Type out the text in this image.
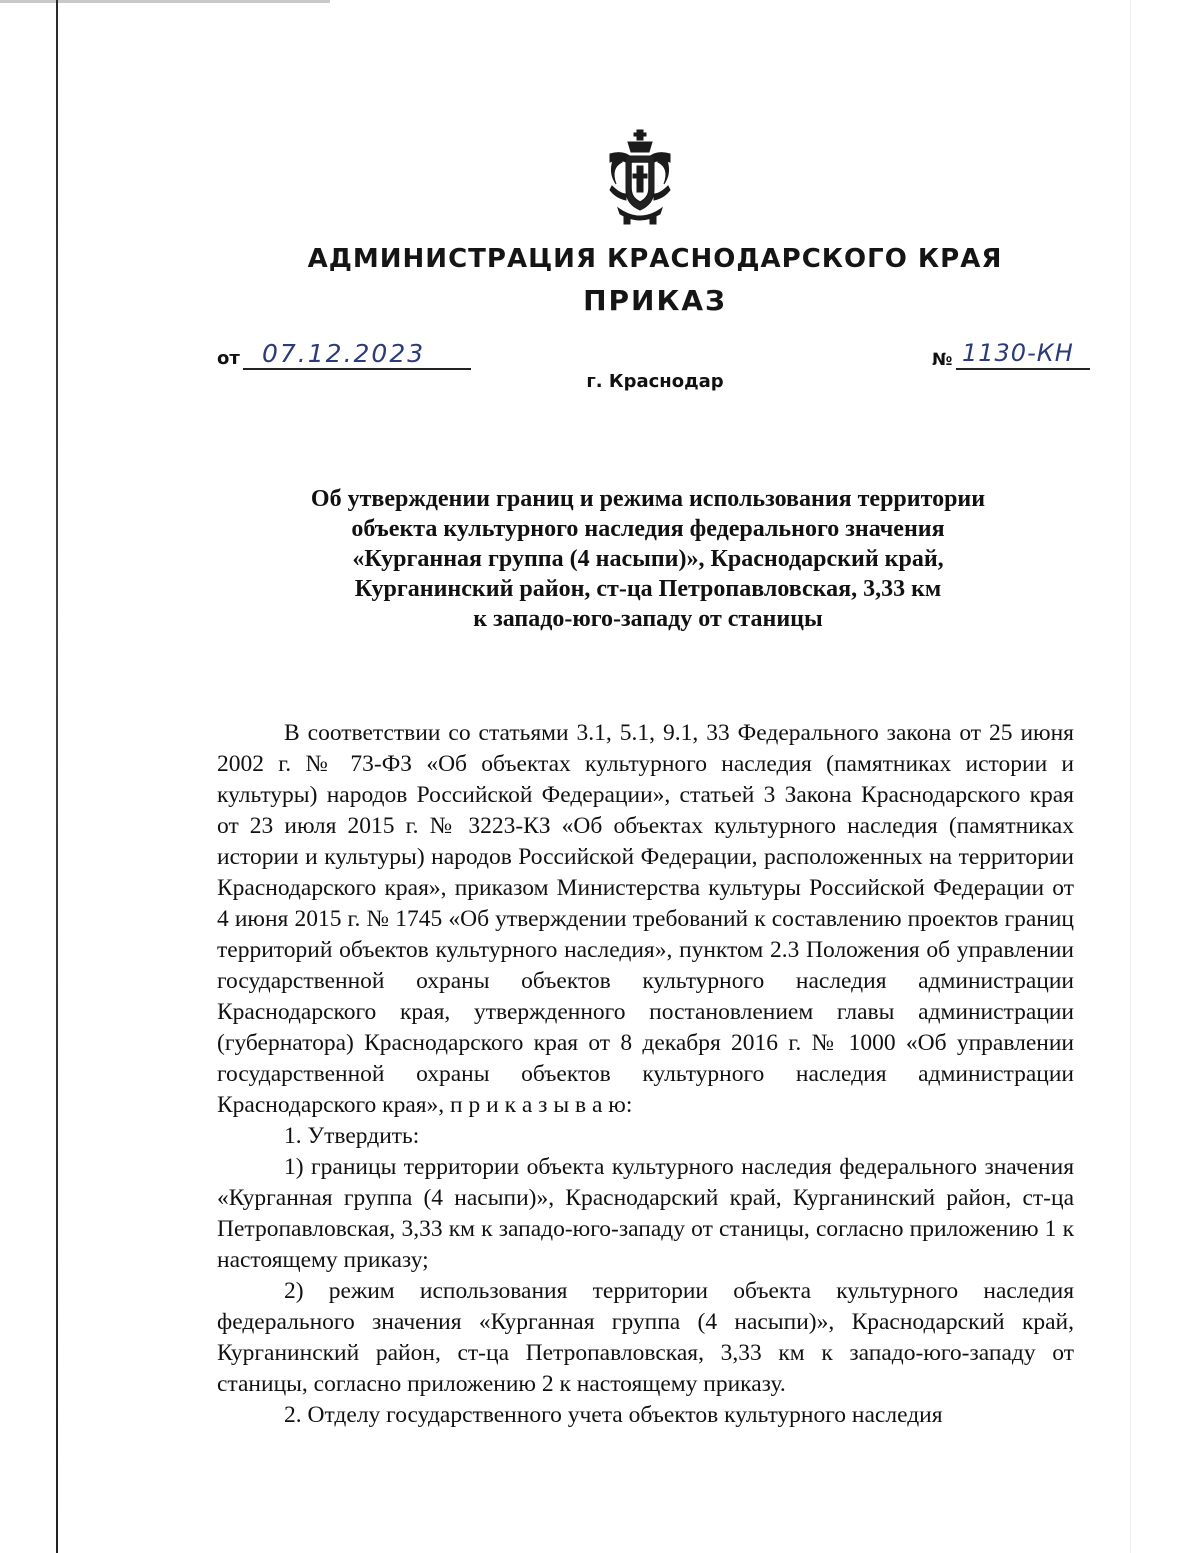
АДМИНИСТРАЦИЯ КРАСНОДАРСКОГО КРАЯ
ПРИКАЗ
от 07.12.2023	№ 1130-КН
г. Краснодар
Об утверждении границ и режима использования территории
объекта культурного наследия федерального значения
«Курганная группа (4 насыпи)», Краснодарский край,
Курганинский район, ст-ца Петропавловская, 3,33 км
к западо-юго-западу от станицы
В соответствии со статьями 3.1, 5.1, 9.1, 33 Федерального закона от 25 июня 2002 г. № 73-ФЗ «Об объектах культурного наследия (памятниках истории и культуры) народов Российской Федерации», статьей 3 Закона Краснодарского края от 23 июля 2015 г. № 3223-КЗ «Об объектах культурного наследия (памятниках истории и культуры) народов Российской Федерации, расположенных на территории Краснодарского края», приказом Министерства культуры Российской Федерации от 4 июня 2015 г. № 1745 «Об утверждении требований к составлению проектов границ территорий объектов культурного наследия», пунктом 2.3 Положения об управлении государственной охраны объектов культурного наследия администрации Краснодарского края, утвержденного постановлением главы администрации (губернатора) Краснодарского края от 8 декабря 2016 г. № 1000 «Об управлении государственной охраны объектов культурного наследия администрации Краснодарского края», п р и к а з ы в а ю:
1. Утвердить:
1) границы территории объекта культурного наследия федерального значения «Курганная группа (4 насыпи)», Краснодарский край, Курганинский район, ст-ца Петропавловская, 3,33 км к западо-юго-западу от станицы, согласно приложению 1 к настоящему приказу;
2) режим использования территории объекта культурного наследия федерального значения «Курганная группа (4 насыпи)», Краснодарский край, Курганинский район, ст-ца Петропавловская, 3,33 км к западо-юго-западу от станицы, согласно приложению 2 к настоящему приказу.
2. Отделу государственного учета объектов культурного наследия
